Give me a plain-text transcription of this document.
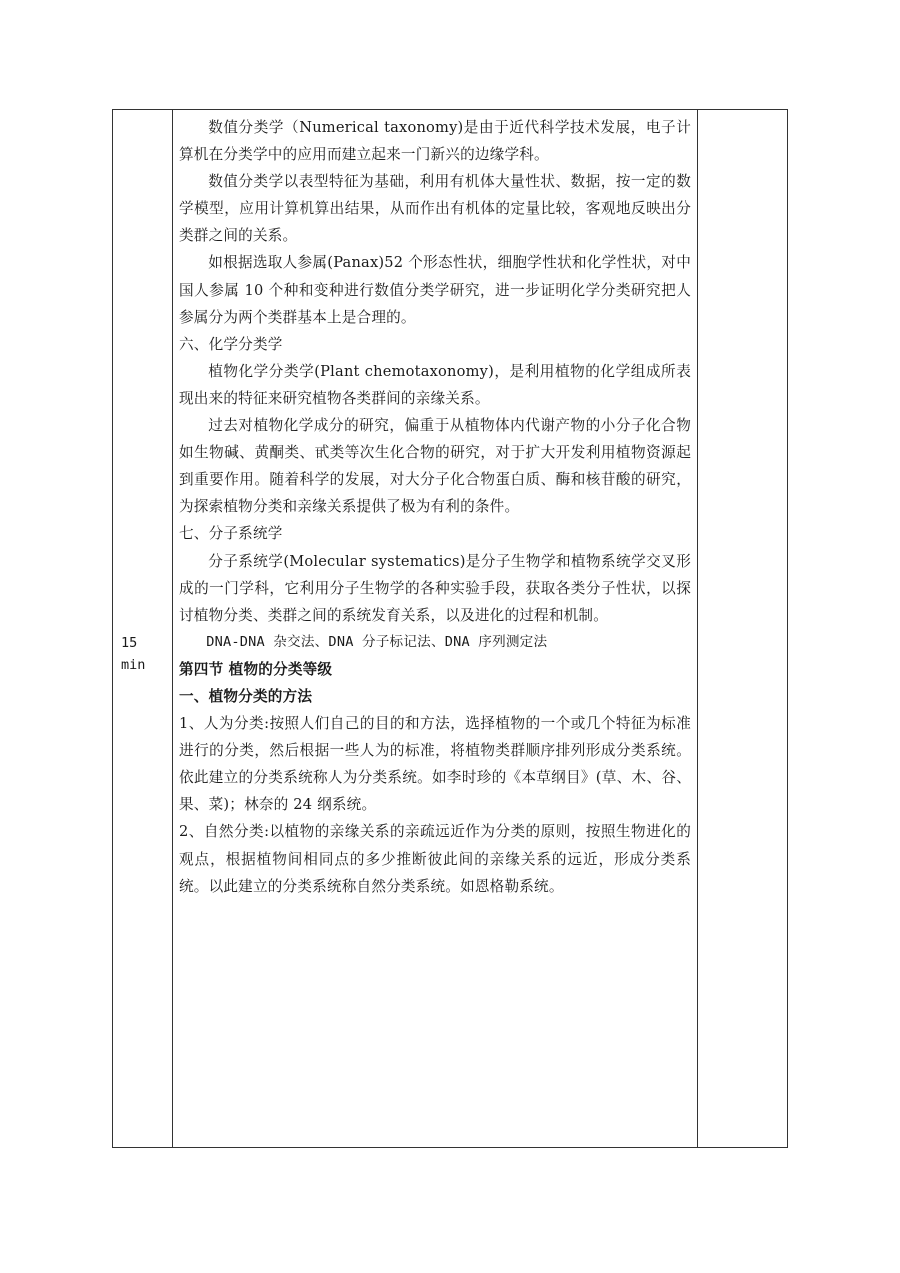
15
min

数值分类学（Numerical taxonomy)是由于近代科学技术发展，电子计算机在分类学中的应用而建立起来一门新兴的边缘学科。

数值分类学以表型特征为基础，利用有机体大量性状、数据，按一定的数学模型，应用计算机算出结果，从而作出有机体的定量比较，客观地反映出分类群之间的关系。

如根据选取人参属(Panax)52 个形态性状，细胞学性状和化学性状，对中国人参属 10 个种和变种进行数值分类学研究，进一步证明化学分类研究把人参属分为两个类群基本上是合理的。

六、化学分类学

植物化学分类学(Plant chemotaxonomy)，是利用植物的化学组成所表现出来的特征来研究植物各类群间的亲缘关系。

过去对植物化学成分的研究，偏重于从植物体内代谢产物的小分子化合物如生物碱、黄酮类、甙类等次生化合物的研究，对于扩大开发利用植物资源起到重要作用。随着科学的发展，对大分子化合物蛋白质、酶和核苷酸的研究，为探索植物分类和亲缘关系提供了极为有利的条件。

七、分子系统学

分子系统学(Molecular systematics)是分子生物学和植物系统学交叉形成的一门学科，它利用分子生物学的各种实验手段，获取各类分子性状，以探讨植物分类、类群之间的系统发育关系，以及进化的过程和机制。

DNA-DNA 杂交法、DNA 分子标记法、DNA 序列测定法

第四节 植物的分类等级

一、植物分类的方法

1、人为分类:按照人们自己的目的和方法，选择植物的一个或几个特征为标准进行的分类，然后根据一些人为的标准，将植物类群顺序排列形成分类系统。依此建立的分类系统称人为分类系统。如李时珍的《本草纲目》(草、木、谷、果、菜)；林奈的 24 纲系统。

2、自然分类:以植物的亲缘关系的亲疏远近作为分类的原则，按照生物进化的观点，根据植物间相同点的多少推断彼此间的亲缘关系的远近，形成分类系统。以此建立的分类系统称自然分类系统。如恩格勒系统。
